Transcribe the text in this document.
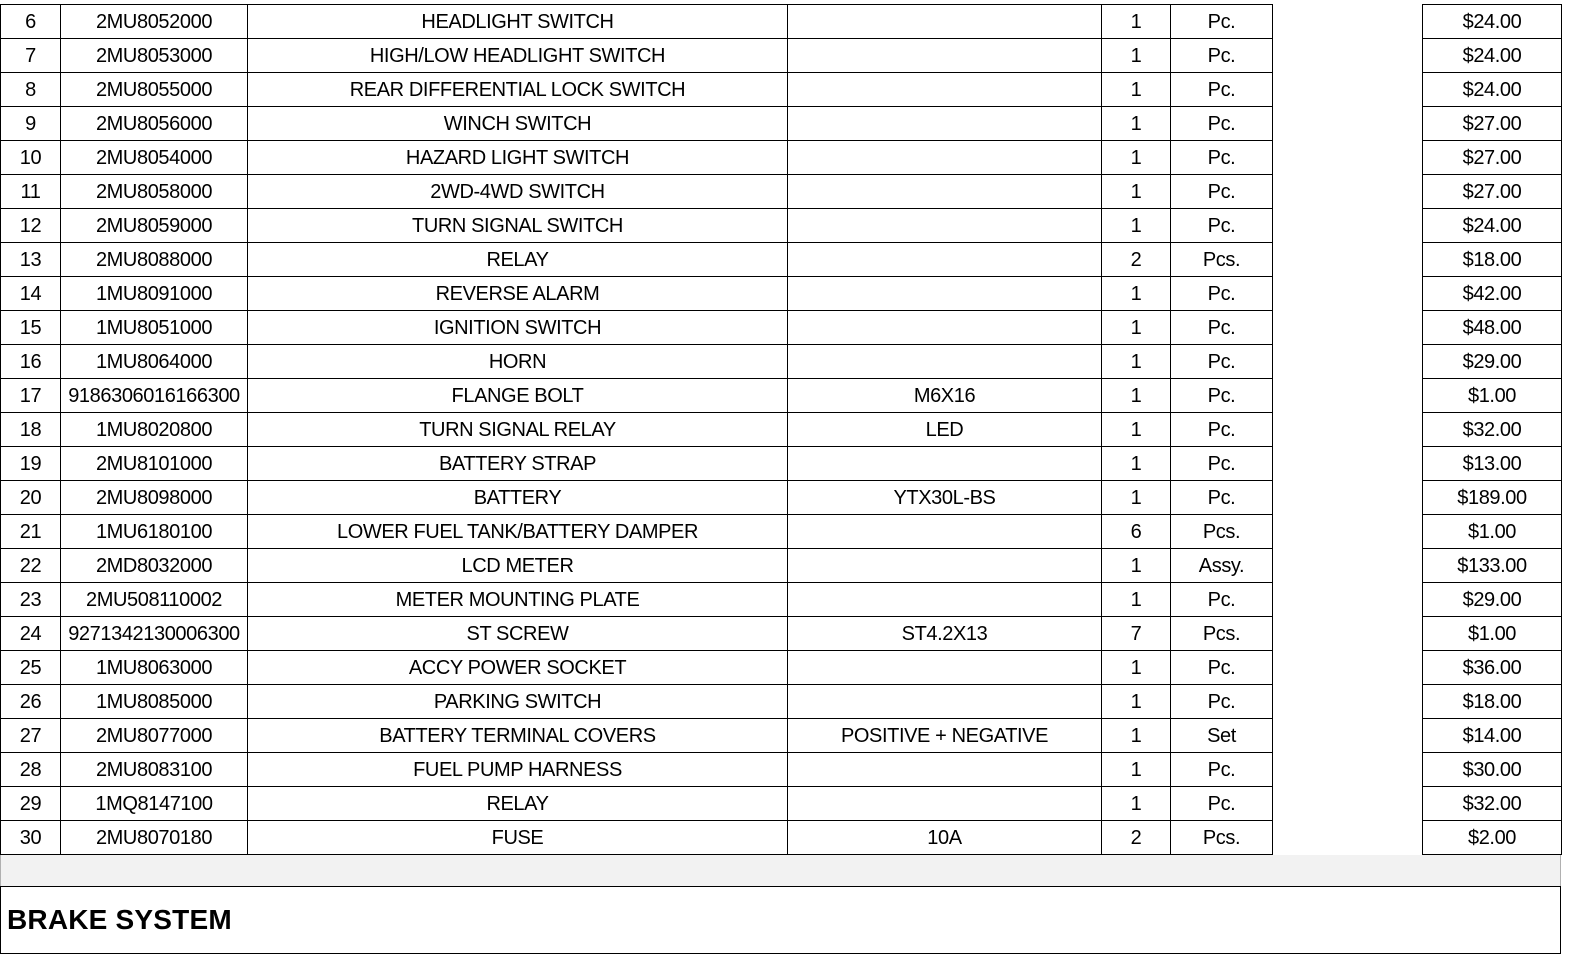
6	2MU8052000	HEADLIGHT SWITCH		1	Pc.		$24.00
7	2MU8053000	HIGH/LOW HEADLIGHT SWITCH		1	Pc.		$24.00
8	2MU8055000	REAR DIFFERENTIAL LOCK SWITCH		1	Pc.		$24.00
9	2MU8056000	WINCH SWITCH		1	Pc.		$27.00
10	2MU8054000	HAZARD LIGHT SWITCH		1	Pc.		$27.00
11	2MU8058000	2WD-4WD SWITCH		1	Pc.		$27.00
12	2MU8059000	TURN SIGNAL SWITCH		1	Pc.		$24.00
13	2MU8088000	RELAY		2	Pcs.		$18.00
14	1MU8091000	REVERSE ALARM		1	Pc.		$42.00
15	1MU8051000	IGNITION SWITCH		1	Pc.		$48.00
16	1MU8064000	HORN		1	Pc.		$29.00
17	9186306016166300	FLANGE BOLT	M6X16	1	Pc.		$1.00
18	1MU8020800	TURN SIGNAL RELAY	LED	1	Pc.		$32.00
19	2MU8101000	BATTERY STRAP		1	Pc.		$13.00
20	2MU8098000	BATTERY	YTX30L-BS	1	Pc.		$189.00
21	1MU6180100	LOWER FUEL TANK/BATTERY DAMPER		6	Pcs.		$1.00
22	2MD8032000	LCD METER		1	Assy.		$133.00
23	2MU508110002	METER MOUNTING PLATE		1	Pc.		$29.00
24	9271342130006300	ST SCREW	ST4.2X13	7	Pcs.		$1.00
25	1MU8063000	ACCY POWER SOCKET		1	Pc.		$36.00
26	1MU8085000	PARKING SWITCH		1	Pc.		$18.00
27	2MU8077000	BATTERY TERMINAL COVERS	POSITIVE + NEGATIVE	1	Set		$14.00
28	2MU8083100	FUEL PUMP HARNESS		1	Pc.		$30.00
29	1MQ8147100	RELAY		1	Pc.		$32.00
30	2MU8070180	FUSE	10A	2	Pcs.		$2.00
BRAKE SYSTEM
